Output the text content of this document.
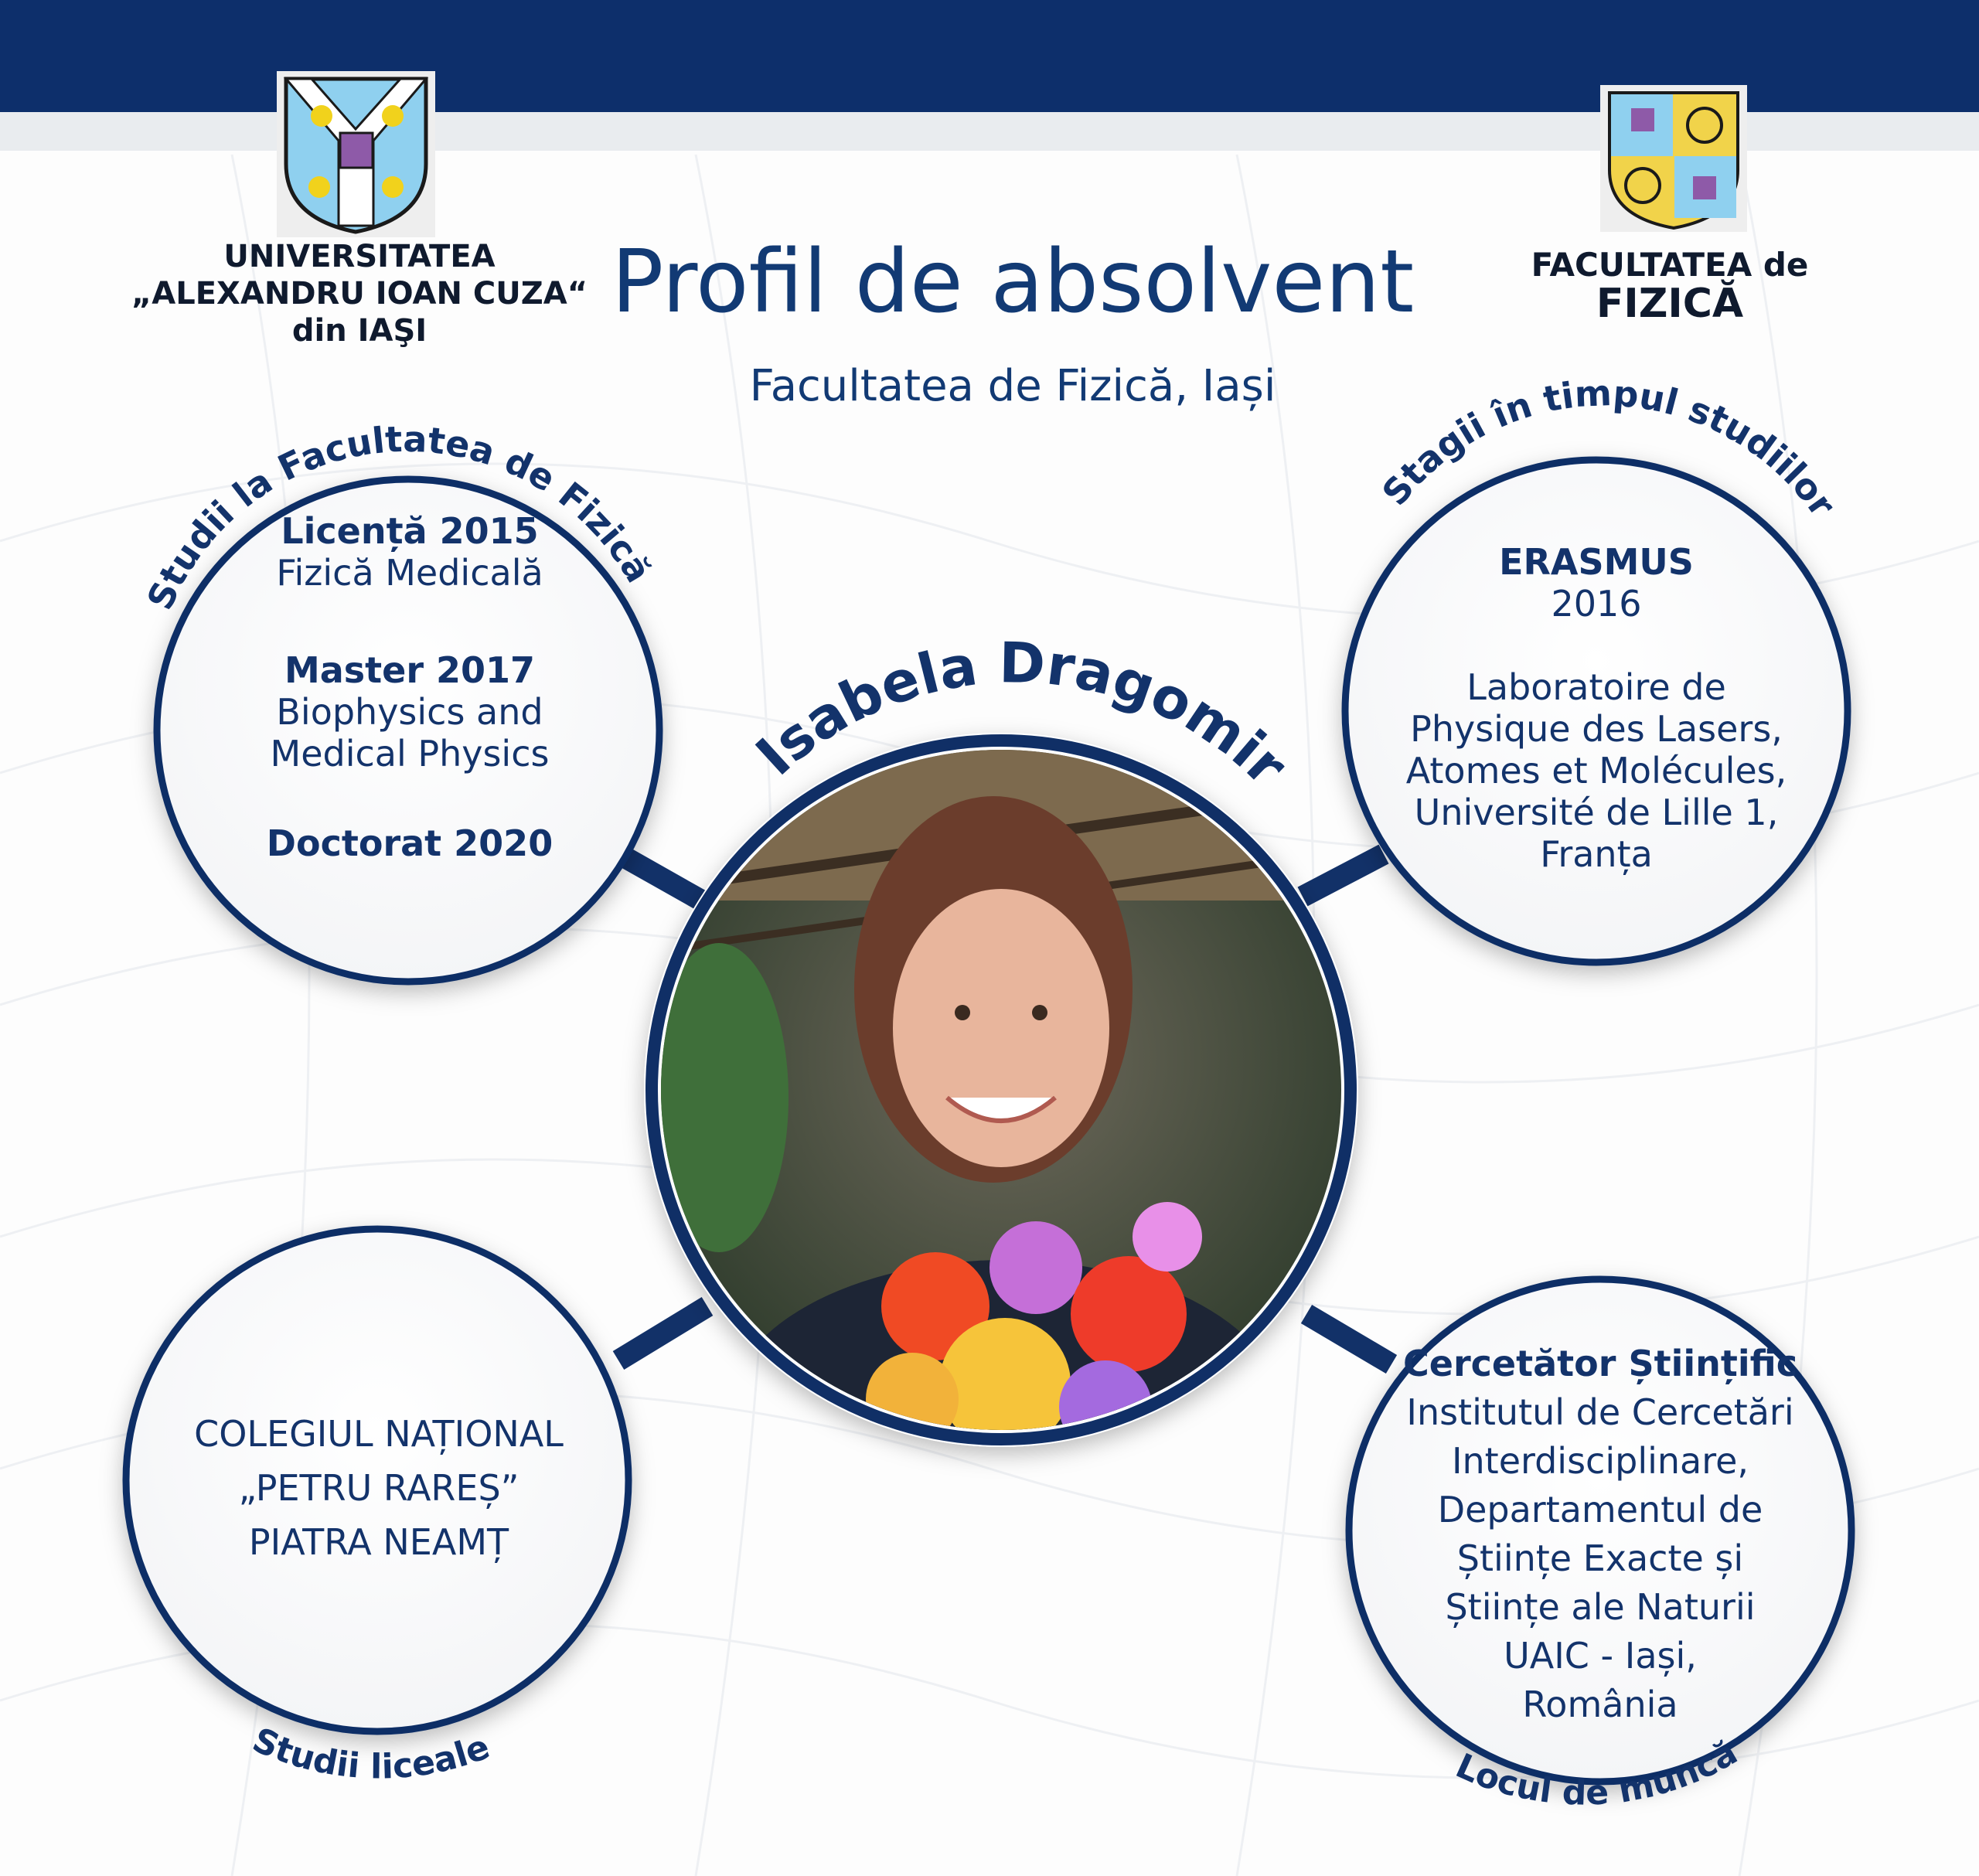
UNIVERSITATEA
„ALEXANDRU IOAN CUZA“
din IAŞI
FACULTATEA de
FIZICĂ
Profil de absolvent
Facultatea de Fizică, Iași
Studii la Facultatea de Fizică
Stagii în timpul studiilor
Isabela Dragomir
Studii liceale	Locul de muncă
Licență 2015
Fizică Medicală
Master 2017
Biophysics and
Medical Physics
Doctorat 2020
ERASMUS
2016
Laboratoire de
Physique des Lasers,
Atomes et Molécules,
Université de Lille 1,
Franța
COLEGIUL NAȚIONAL
„PETRU RAREȘ”
PIATRA NEAMȚ
Cercetător Științific
Institutul de Cercetări
Interdisciplinare,
Departamentul de
Științe Exacte și
Științe ale Naturii
UAIC - Iași,
România
